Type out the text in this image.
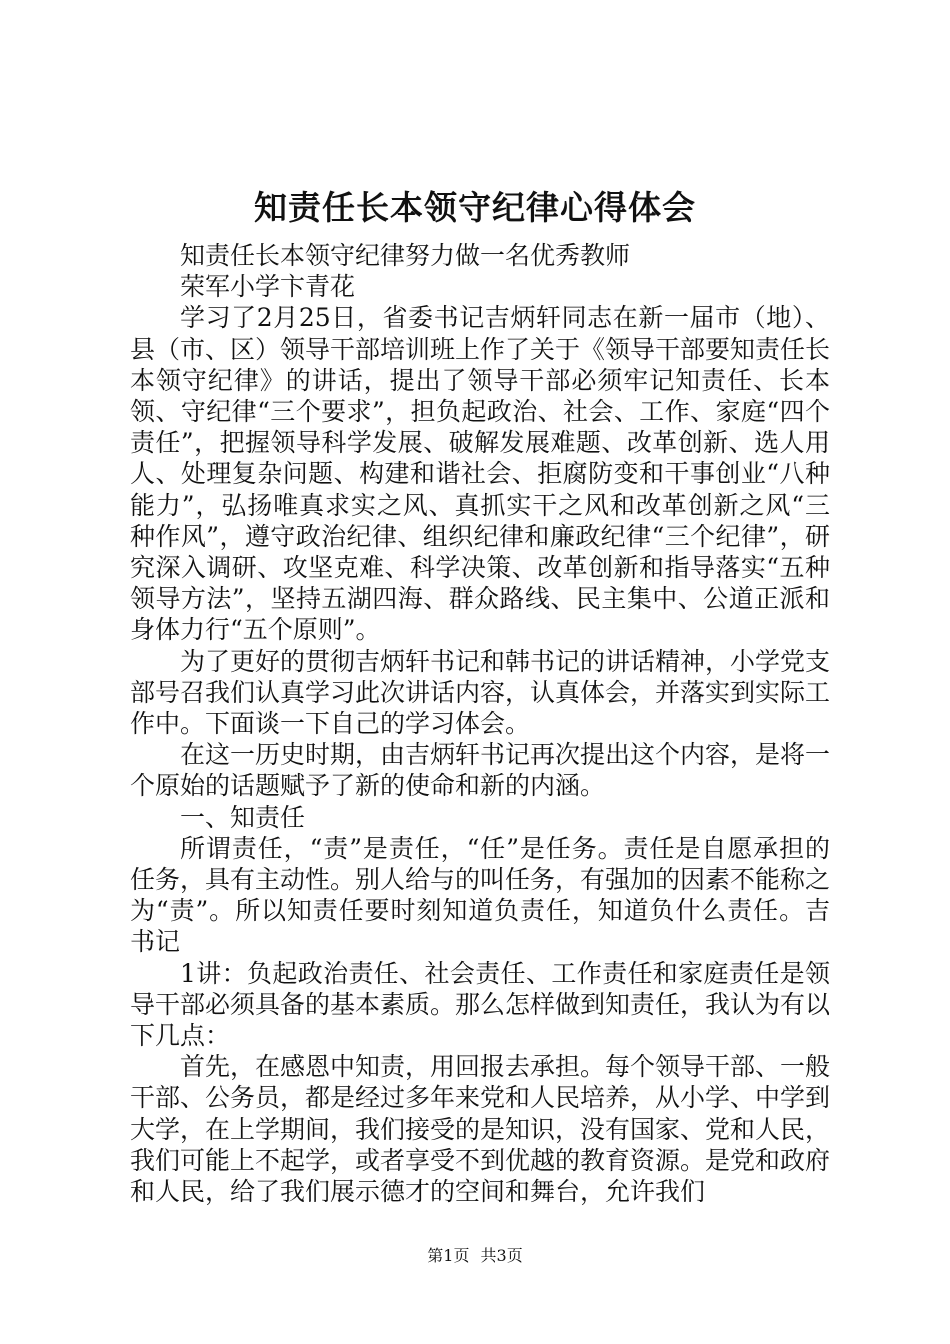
知责任长本领守纪律心得体会

知责任长本领守纪律努力做一名优秀教师

荣军小学卞青花

学习了2月25日，省委书记吉炳轩同志在新一届市（地）、县（市、区）领导干部培训班上作了关于《领导干部要知责任长本领守纪律》的讲话，提出了领导干部必须牢记知责任、长本领、守纪律“三个要求”，担负起政治、社会、工作、家庭“四个责任”，把握领导科学发展、破解发展难题、改革创新、选人用人、处理复杂问题、构建和谐社会、拒腐防变和干事创业“八种能力”，弘扬唯真求实之风、真抓实干之风和改革创新之风“三种作风”，遵守政治纪律、组织纪律和廉政纪律“三个纪律”，研究深入调研、攻坚克难、科学决策、改革创新和指导落实“五种领导方法”，坚持五湖四海、群众路线、民主集中、公道正派和身体力行“五个原则”。

为了更好的贯彻吉炳轩书记和韩书记的讲话精神，小学党支部号召我们认真学习此次讲话内容，认真体会，并落实到实际工作中。下面谈一下自己的学习体会。

在这一历史时期，由吉炳轩书记再次提出这个内容，是将一个原始的话题赋予了新的使命和新的内涵。

一、知责任

所谓责任，“责”是责任，“任”是任务。责任是自愿承担的任务，具有主动性。别人给与的叫任务，有强加的因素不能称之为“责”。所以知责任要时刻知道负责任，知道负什么责任。吉书记

1讲：负起政治责任、社会责任、工作责任和家庭责任是领导干部必须具备的基本素质。那么怎样做到知责任，我认为有以下几点：

首先，在感恩中知责，用回报去承担。每个领导干部、一般干部、公务员，都是经过多年来党和人民培养，从小学、中学到大学，在上学期间，我们接受的是知识，没有国家、党和人民，我们可能上不起学，或者享受不到优越的教育资源。是党和政府和人民，给了我们展示德才的空间和舞台，允许我们

第1页 共3页
